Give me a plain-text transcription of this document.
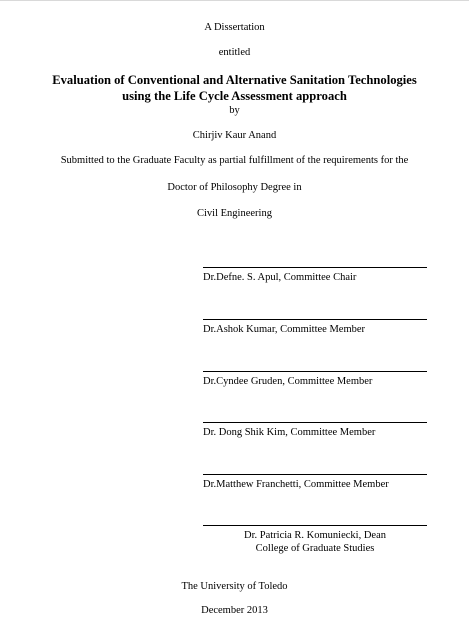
A Dissertation
entitled
Evaluation of Conventional and Alternative Sanitation Technologies
using the Life Cycle Assessment approach
by
Chirjiv Kaur Anand
Submitted to the Graduate Faculty as partial fulfillment of the requirements for the
Doctor of Philosophy Degree in
Civil Engineering
Dr.Defne. S. Apul, Committee Chair
Dr.Ashok Kumar, Committee Member
Dr.Cyndee Gruden, Committee Member
Dr. Dong Shik Kim, Committee Member
Dr.Matthew Franchetti, Committee Member
Dr. Patricia R. Komuniecki, Dean
College of Graduate Studies
The University of Toledo
December 2013
